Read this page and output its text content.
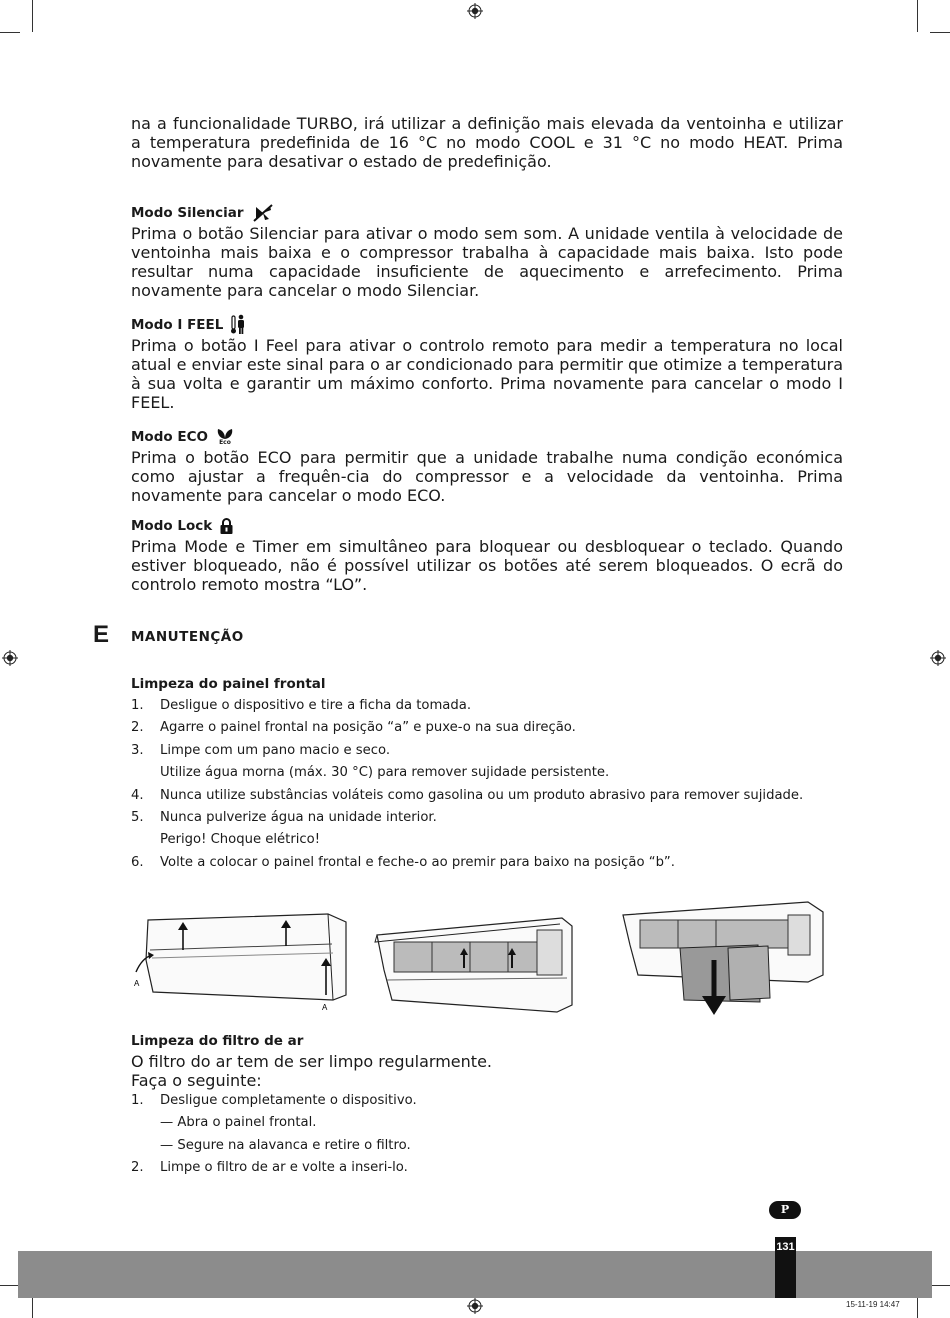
na a funcionalidade TURBO, irá utilizar a definição mais elevada da ventoinha e utilizar a temperatura predefinida de 16 °C no modo COOL e 31 °C no modo HEAT. Prima novamente para desativar o estado de predefinição.

Modo Silenciar

Prima o botão Silenciar para ativar o modo sem som. A unidade ventila à velocidade de ventoinha mais baixa e o compressor trabalha à capacidade mais baixa. Isto pode resultar numa capacidade insuficiente de aquecimento e arrefecimento. Prima novamente para cancelar o modo Silenciar.

Modo I FEEL

Prima o botão I Feel para ativar o controlo remoto para medir a temperatura no local atual e enviar este sinal para o ar condicionado para permitir que otimize a temperatura à sua volta e garantir um máximo conforto. Prima novamente para cancelar o modo I FEEL.

Modo ECO Eco

Prima o botão ECO para permitir que a unidade trabalhe numa condição económica como ajustar a frequên-cia do compressor e a velocidade da ventoinha. Prima novamente para cancelar o modo ECO.

Modo Lock

Prima Mode e Timer em simultâneo para bloquear ou desbloquear o teclado. Quando estiver bloqueado, não é possível utilizar os botões até serem bloqueados. O ecrã do controlo remoto mostra “LO”.

E MANUTENÇÃO
Limpeza do painel frontal
1.	Desligue o dispositivo e tire a ficha da tomada.
2.	Agarre o painel frontal na posição “a” e puxe-o na sua direção.
3.	Limpe com um pano macio e seco.
Utilize água morna (máx. 30 °C) para remover sujidade persistente.
4.	Nunca utilize substâncias voláteis como gasolina ou um produto abrasivo para remover sujidade.
5.	Nunca pulverize água na unidade interior.
Perigo! Choque elétrico!
6.	Volte a colocar o painel frontal e feche-o ao premir para baixo na posição “b”.
A
A
Limpeza do filtro de ar

O filtro do ar tem de ser limpo regularmente.

Faça o seguinte:

1.	Desligue completamente o dispositivo.
— Abra o painel frontal.
— Segure na alavanca e retire o filtro.
2.	Limpe o filtro de ar e volte a inseri-lo.
P
131
15-11-19 14:47
